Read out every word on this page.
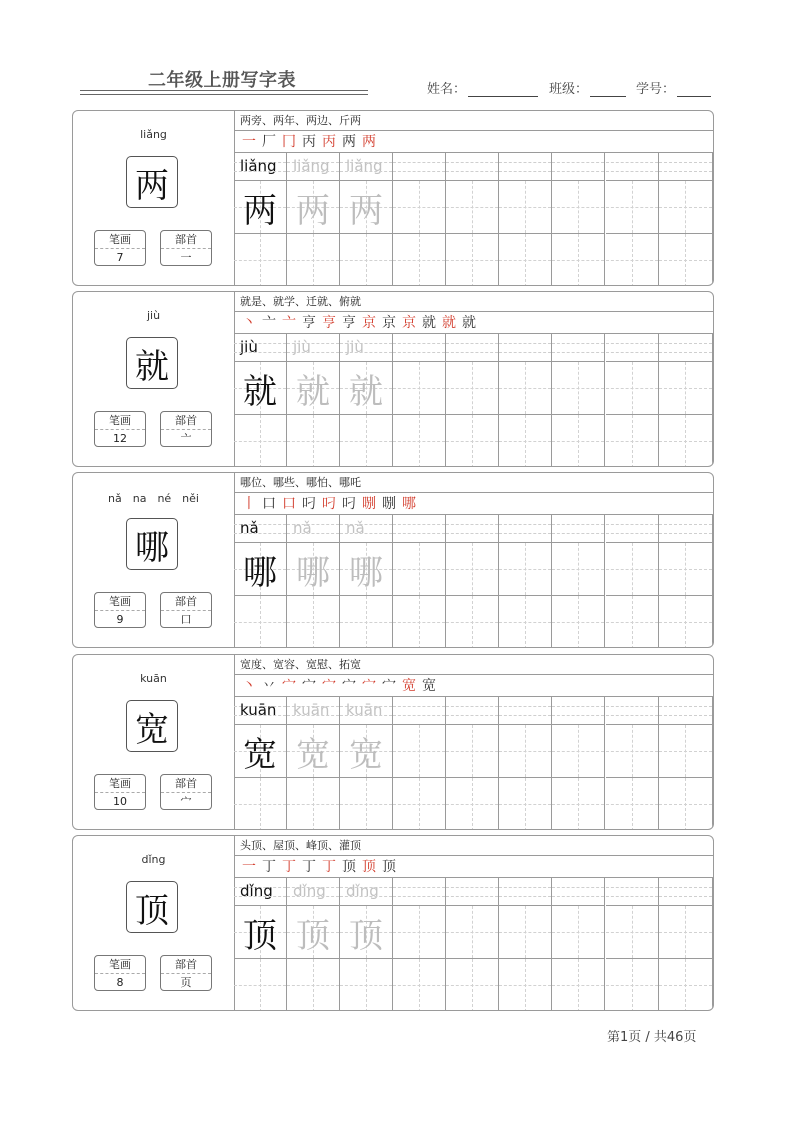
二年级上册写字表	姓名：	班级：	学号：
liǎng
两
笔画
7
部首
一
两旁、两年、两边、斤两
一 厂 冂 丙 丙 两 两
liǎng
两
liǎng
两
liǎng
两
jiù
就
笔画
12
部首
亠
就是、就学、迁就、俯就
丶 亠 亠 亨 亨 亨 京 京 京 就 就 就
jiù
就
jiù
就
jiù
就
nǎ　na　né　něi
哪
笔画
9
部首
口
哪位、哪些、哪怕、哪吒
丨 口 口 叼 叼 叼 哵 哵 哪
nǎ
哪
nǎ
哪
nǎ
哪
kuān
宽
笔画
10
部首
宀
宽度、宽容、宽慰、拓宽
丶 丷 宀 宀 宀 宀 宀 宀 宽 宽
kuān
宽
kuān
宽
kuān
宽
dǐng
顶
笔画
8
部首
页
头顶、屋顶、峰顶、灌顶
一 丁 丁 丁 丁 顶 顶 顶
dǐng
顶
dǐng
顶
dǐng
顶
第1页 / 共46页
